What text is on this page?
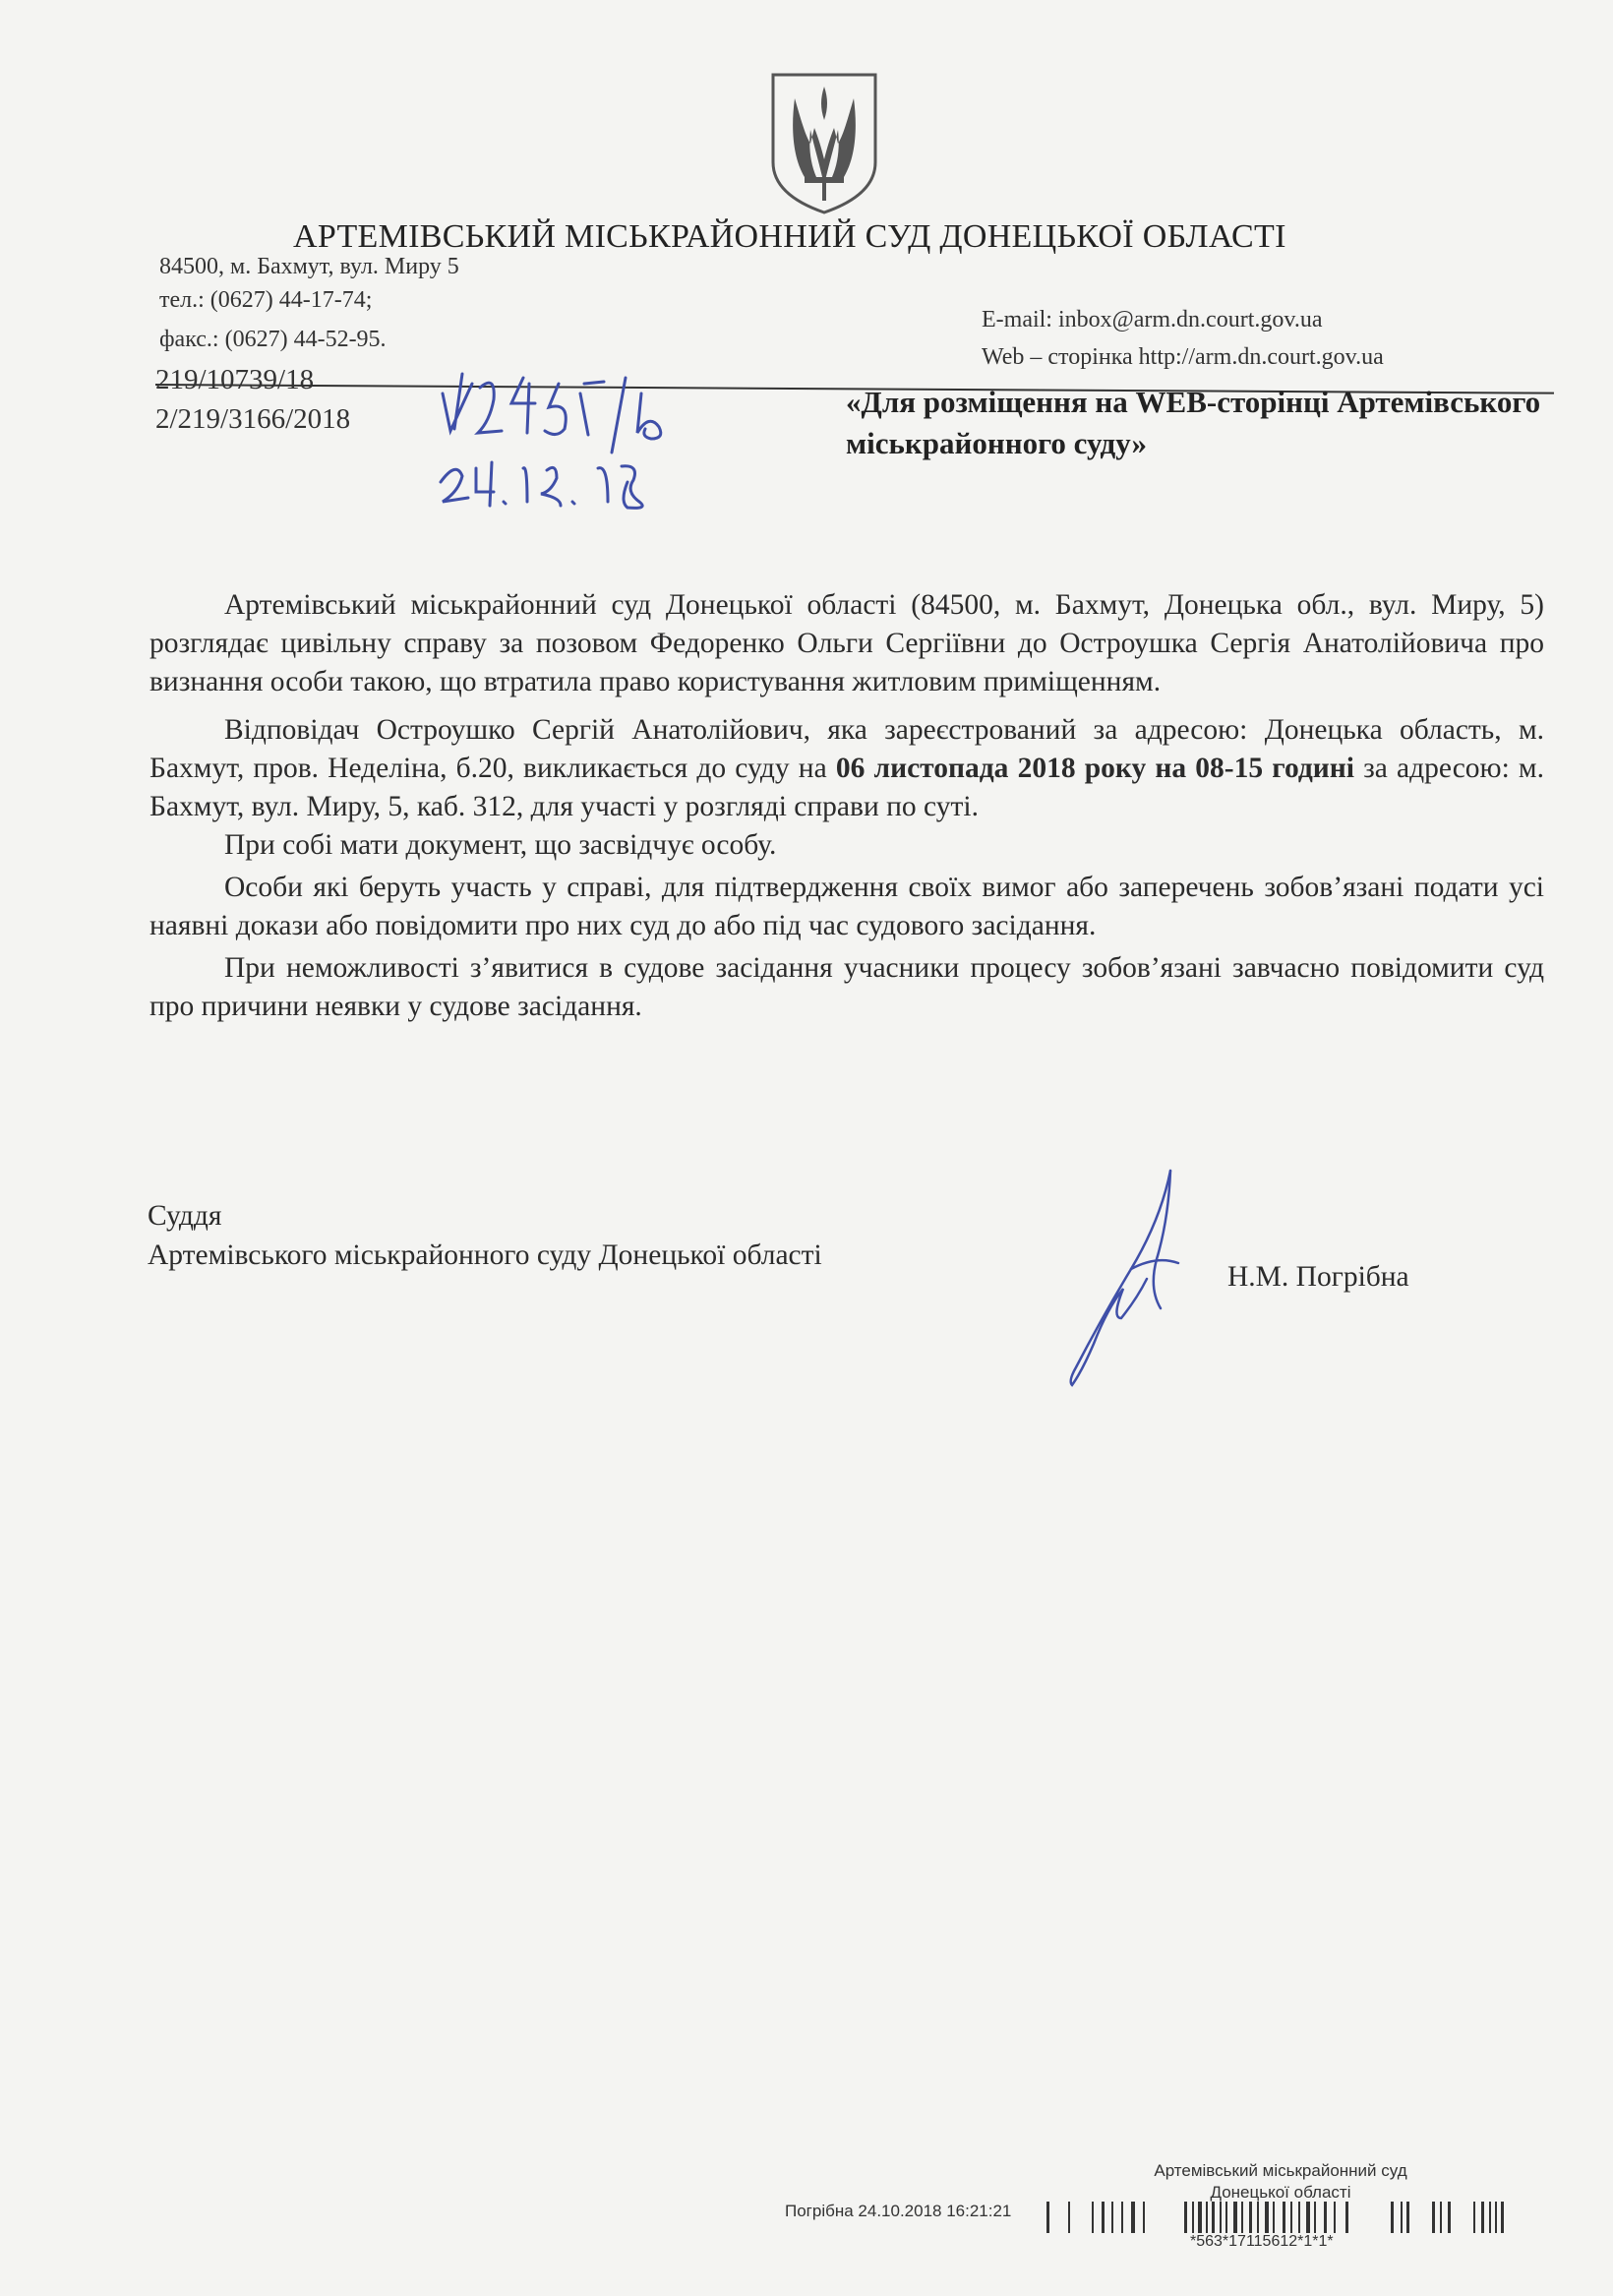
АРТЕМІВСЬКИЙ МІСЬКРАЙОННИЙ СУД ДОНЕЦЬКОЇ ОБЛАСТІ
84500, м. Бахмут, вул. Миру 5
тел.: (0627) 44-17-74;
факс.: (0627) 44-52-95.
E-mail: inbox@arm.dn.court.gov.ua
Web – сторінка http://arm.dn.court.gov.ua
219/10739/18
2/219/3166/2018	«Для розміщення на WEB-сторінці Артемівського міськрайонного суду»

Артемівський міськрайонний суд Донецької області (84500, м. Бахмут, Донецька обл., вул. Миру, 5) розглядає цивільну справу за позовом Федоренко Ольги Сергіївни до Остроушка Сергія Анатолійовича про визнання особи такою, що втратила право користування житловим приміщенням.

Відповідач Остроушко Сергій Анатолійович, яка зареєстрований за адресою: Донецька область, м. Бахмут, пров. Неделіна, б.20, викликається до суду на 06 листопада 2018 року на 08-15 годині за адресою: м. Бахмут, вул. Миру, 5, каб. 312, для участі у розгляді справи по суті.

При собі мати документ, що засвідчує особу.

Особи які беруть участь у справі, для підтвердження своїх вимог або заперечень зобов’язані подати усі наявні докази або повідомити про них суд до або під час судового засідання.

При неможливості з’явитися в судове засідання учасники процесу зобов’язані завчасно повідомити суд про причини неявки у судове засідання.

Суддя
Артемівського міськрайонного суду Донецької області
Н.М. Погрібна
Артемівський міськрайонний суд
Донецької області
Погрібна 24.10.2018 16:21:21
*563*17115612*1*1*
